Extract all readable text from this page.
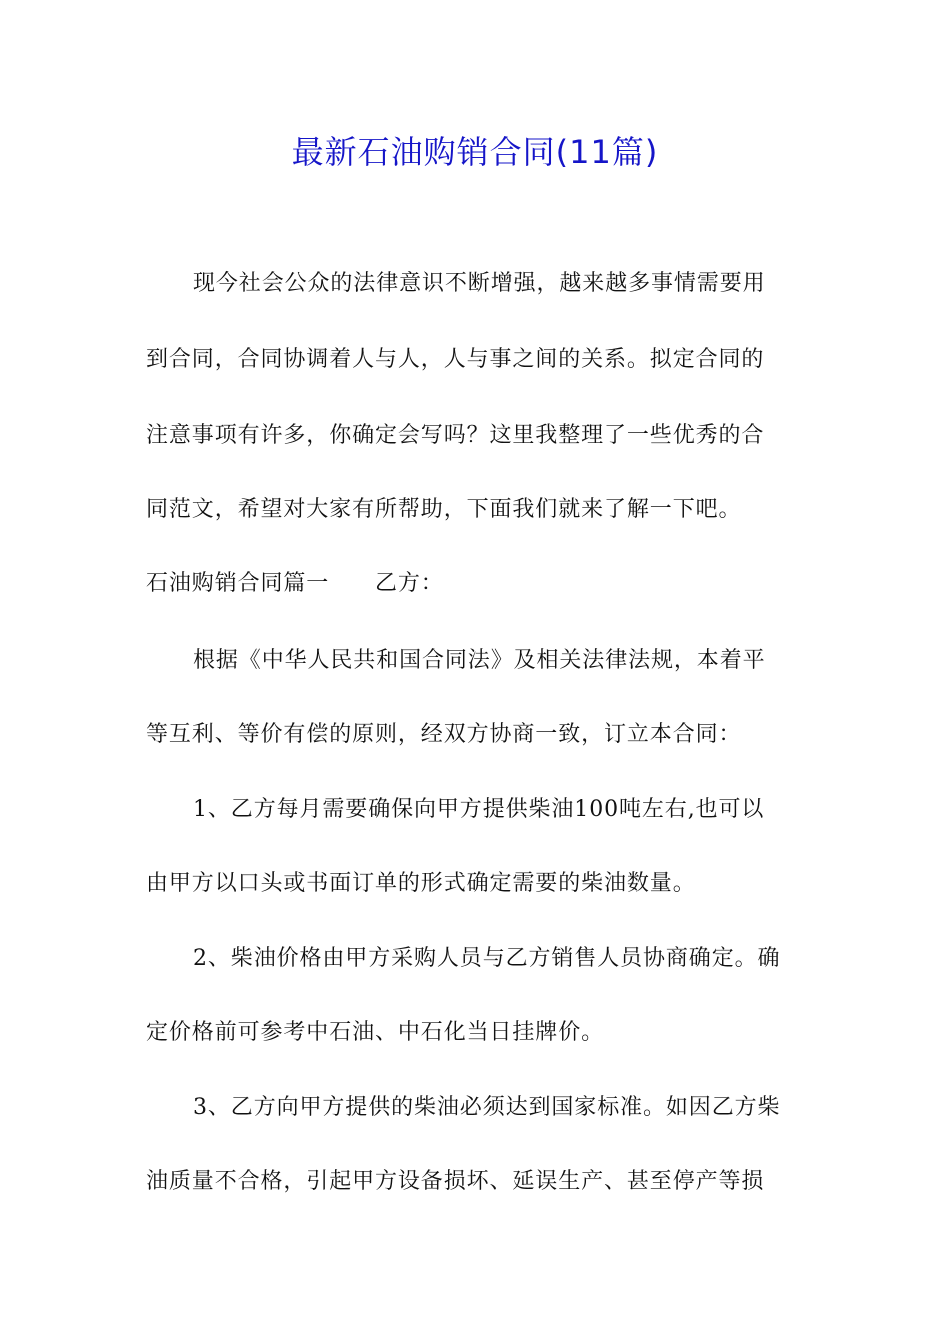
最新石油购销合同(11篇)
现今社会公众的法律意识不断增强，越来越多事情需要用
到合同，合同协调着人与人，人与事之间的关系。拟定合同的
注意事项有许多，你确定会写吗？这里我整理了一些优秀的合
同范文，希望对大家有所帮助，下面我们就来了解一下吧。
石油购销合同篇一　　乙方：
根据《中华人民共和国合同法》及相关法律法规，本着平
等互利、等价有偿的原则，经双方协商一致，订立本合同：
1、乙方每月需要确保向甲方提供柴油100吨左右,也可以
由甲方以口头或书面订单的形式确定需要的柴油数量。
2、柴油价格由甲方采购人员与乙方销售人员协商确定。确
定价格前可参考中石油、中石化当日挂牌价。
3、乙方向甲方提供的柴油必须达到国家标准。如因乙方柴
油质量不合格，引起甲方设备损坏、延误生产、甚至停产等损
